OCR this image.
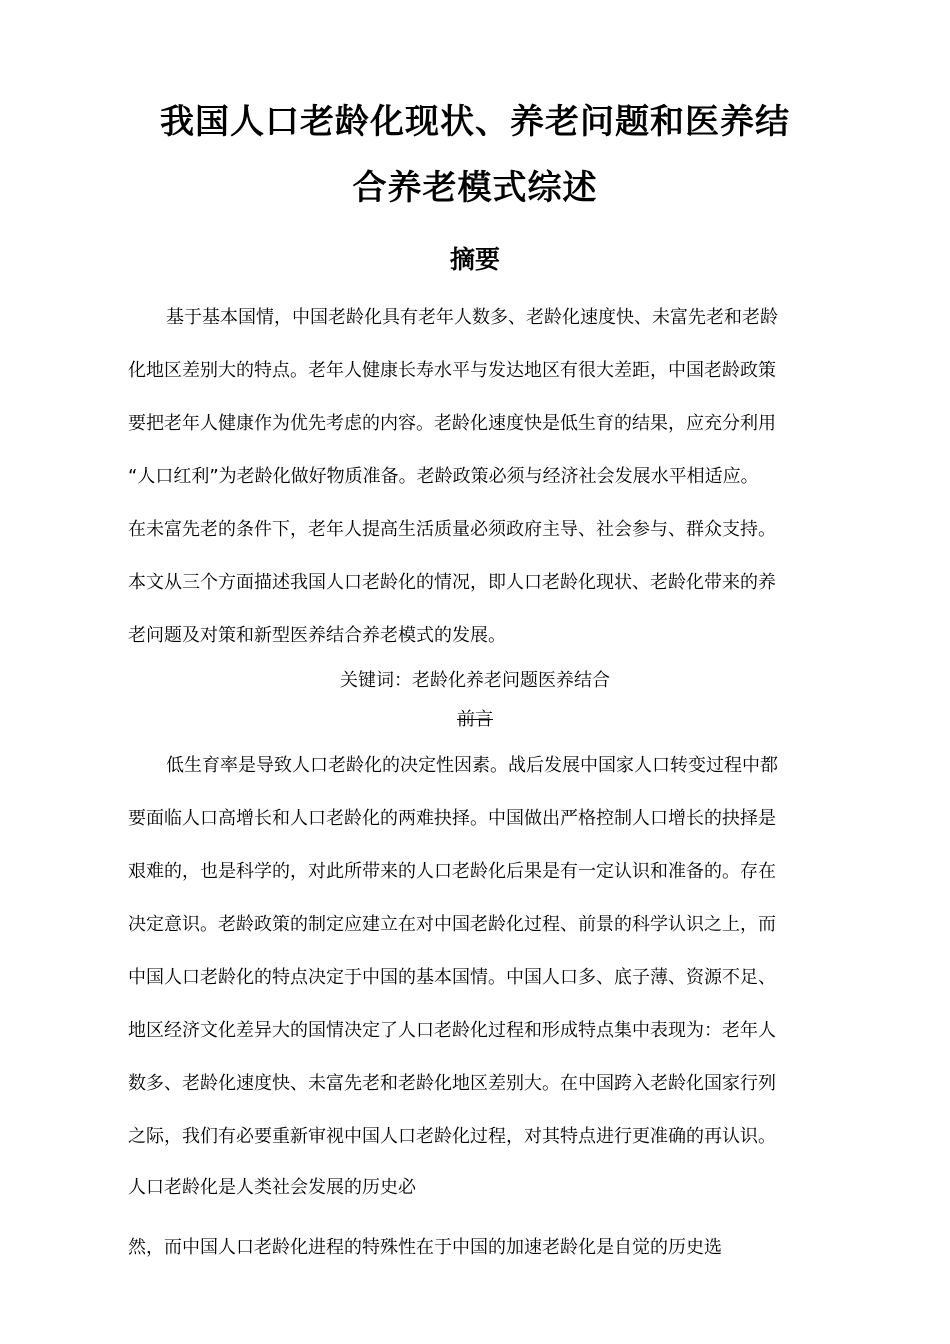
我国人口老龄化现状、养老问题和医养结
合养老模式综述
摘要

基于基本国情，中国老龄化具有老年人数多、老龄化速度快、未富先老和老龄

化地区差别大的特点。老年人健康长寿水平与发达地区有很大差距，中国老龄政策

要把老年人健康作为优先考虑的内容。老龄化速度快是低生育的结果，应充分利用

“人口红利”为老龄化做好物质准备。老龄政策必须与经济社会发展水平相适应。

在未富先老的条件下，老年人提高生活质量必须政府主导、社会参与、群众支持。

本文从三个方面描述我国人口老龄化的情况，即人口老龄化现状、老龄化带来的养

老问题及对策和新型医养结合养老模式的发展。

关键词：老龄化养老问题医养结合

前言

低生育率是导致人口老龄化的决定性因素。战后发展中国家人口转变过程中都

要面临人口高增长和人口老龄化的两难抉择。中国做出严格控制人口增长的抉择是

艰难的，也是科学的，对此所带来的人口老龄化后果是有一定认识和准备的。存在

决定意识。老龄政策的制定应建立在对中国老龄化过程、前景的科学认识之上，而

中国人口老龄化的特点决定于中国的基本国情。中国人口多、底子薄、资源不足、

地区经济文化差异大的国情决定了人口老龄化过程和形成特点集中表现为：老年人

数多、老龄化速度快、未富先老和老龄化地区差别大。在中国跨入老龄化国家行列

之际，我们有必要重新审视中国人口老龄化过程，对其特点进行更准确的再认识。

人口老龄化是人类社会发展的历史必

然，而中国人口老龄化进程的特殊性在于中国的加速老龄化是自觉的历史选
